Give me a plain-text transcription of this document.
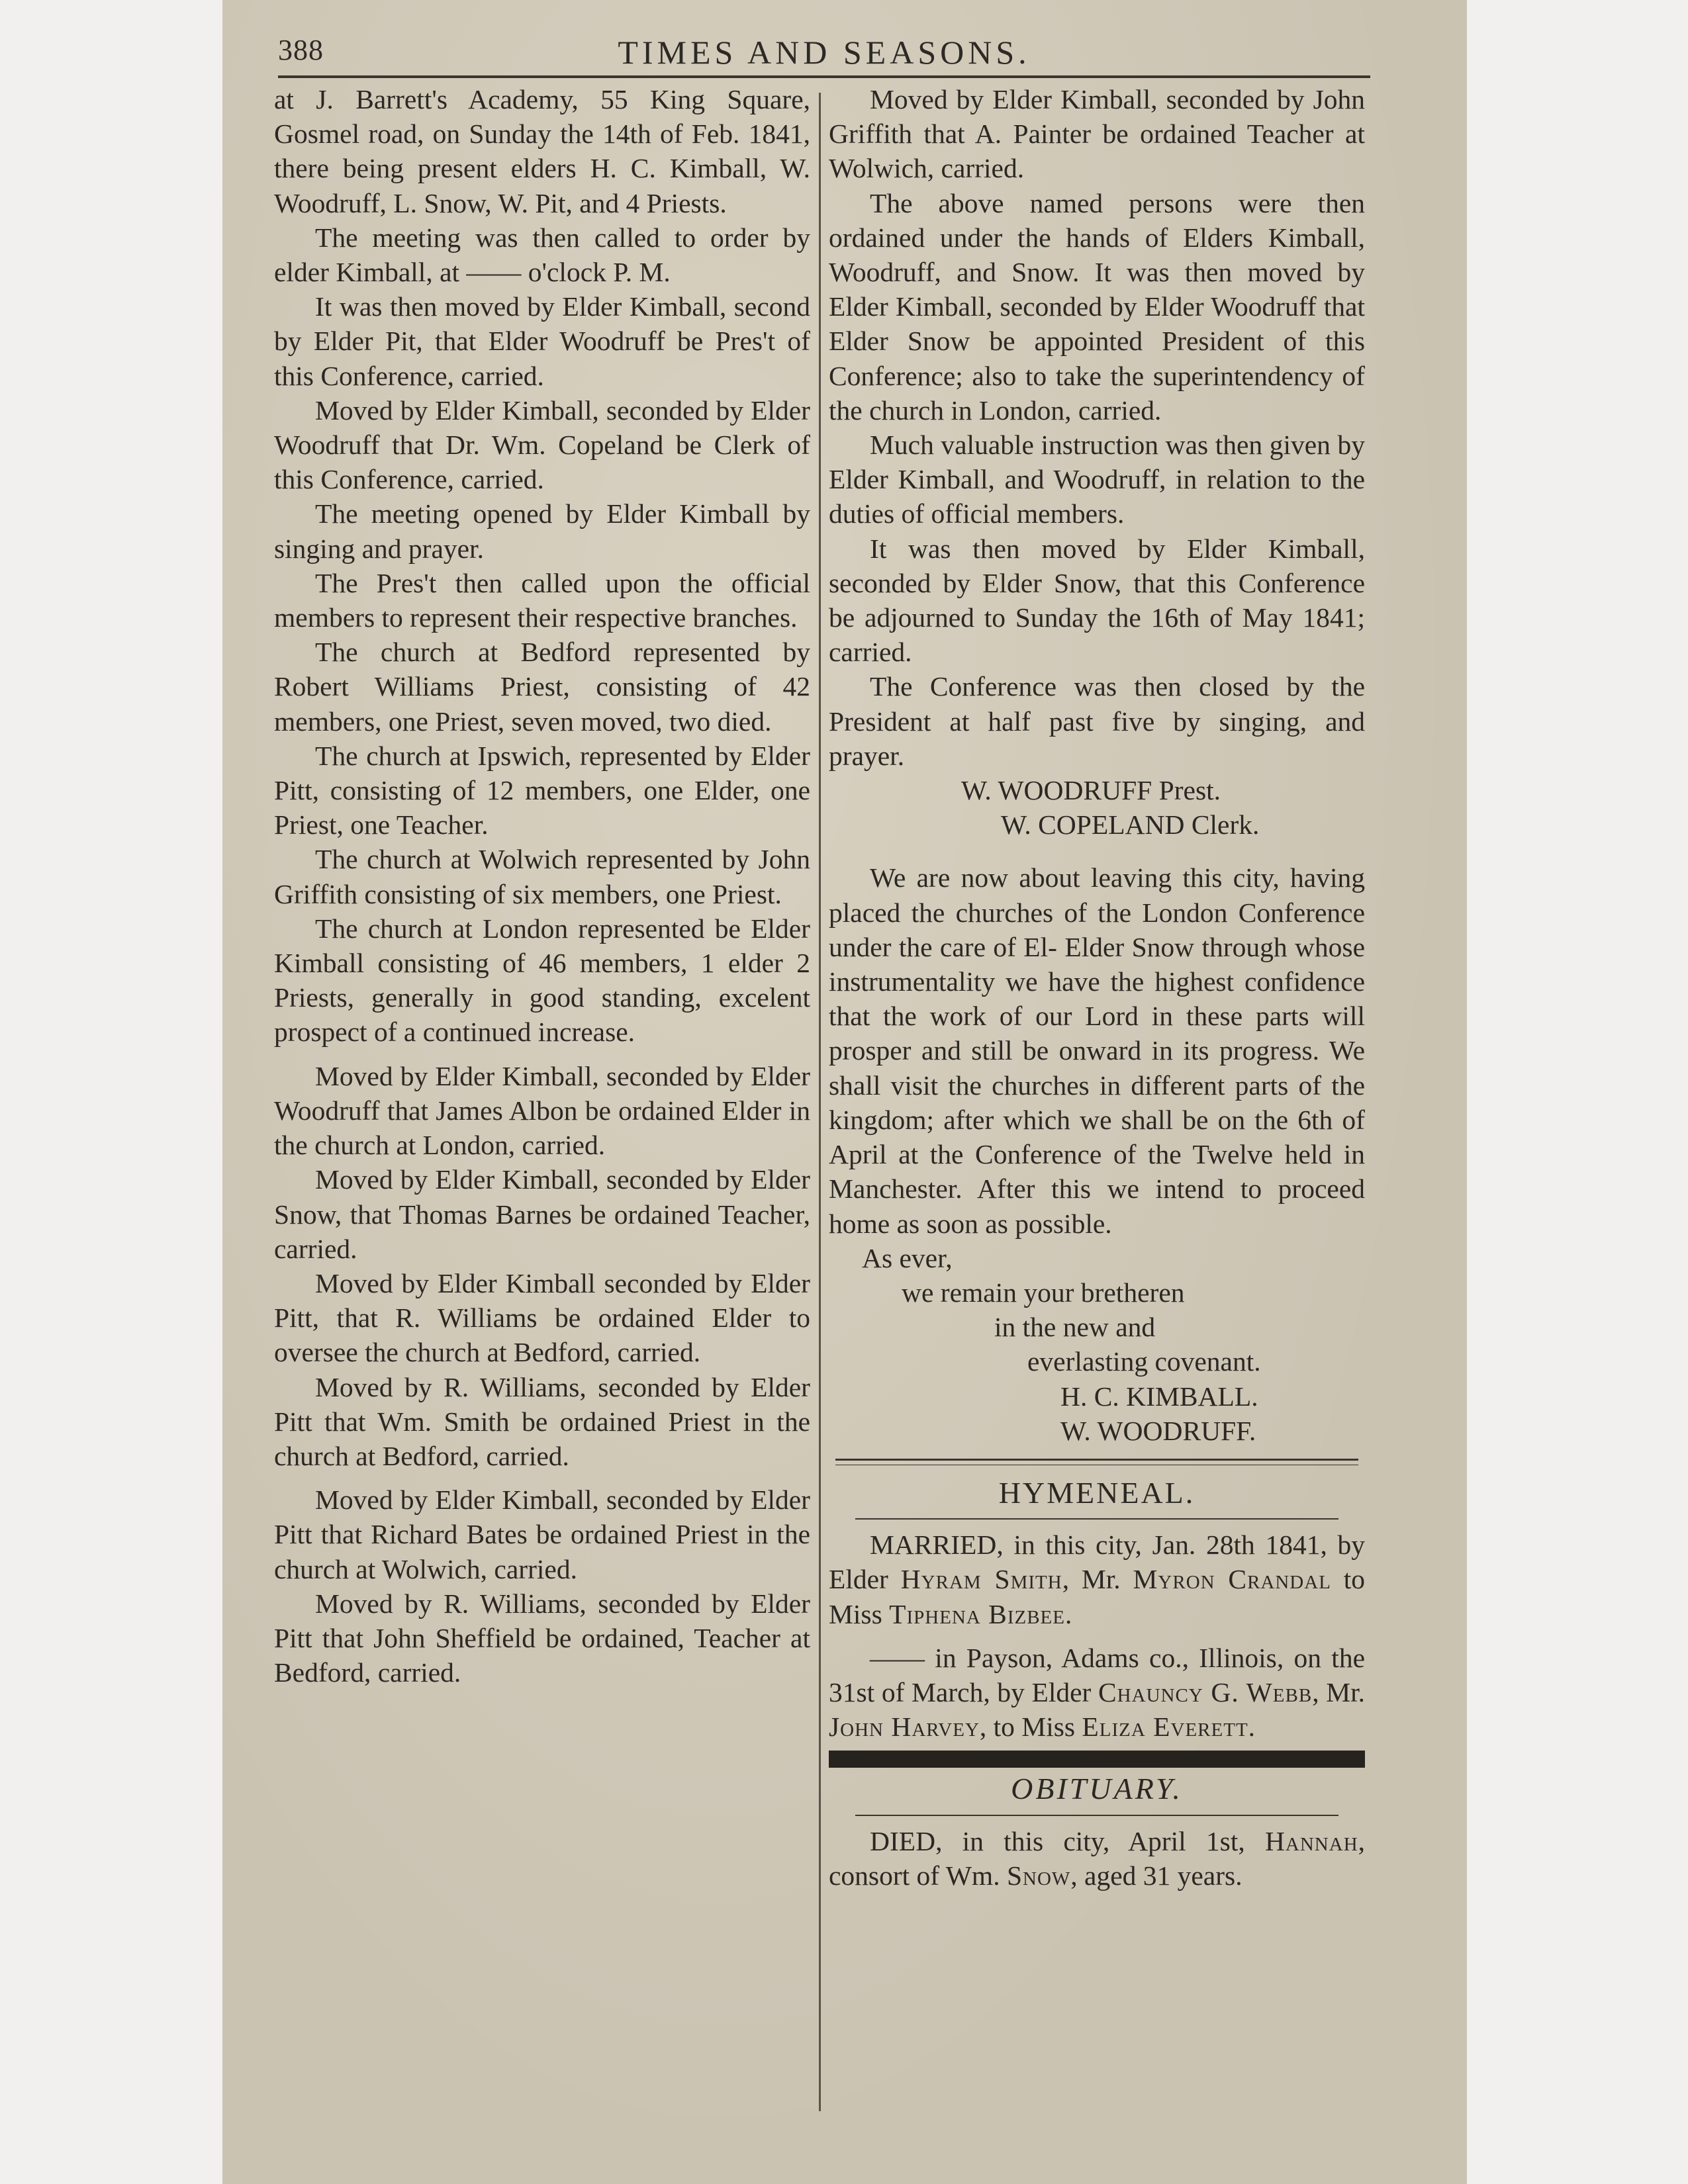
388	TIMES AND SEASONS.

at J. Barrett's Academy, 55 King Square, Gosmel road, on Sunday the 14th of Feb. 1841, there being present elders H. C. Kimball, W. Woodruff, L. Snow, W. Pit, and 4 Priests.

The meeting was then called to order by elder Kimball, at —— o'clock P. M.

It was then moved by Elder Kimball, second by Elder Pit, that Elder Woodruff be Pres't of this Conference, carried.

Moved by Elder Kimball, seconded by Elder Woodruff that Dr. Wm. Copeland be Clerk of this Conference, carried.

The meeting opened by Elder Kimball by singing and prayer.

The Pres't then called upon the official members to represent their respective branches.

The church at Bedford represented by Robert Williams Priest, consisting of 42 members, one Priest, seven moved, two died.

The church at Ipswich, represented by Elder Pitt, consisting of 12 members, one Elder, one Priest, one Teacher.

The church at Wolwich represented by John Griffith consisting of six members, one Priest.

The church at London represented be Elder Kimball consisting of 46 members, 1 elder 2 Priests, generally in good standing, excelent prospect of a continued increase.

Moved by Elder Kimball, seconded by Elder Woodruff that James Albon be ordained Elder in the church at London, carried.

Moved by Elder Kimball, seconded by Elder Snow, that Thomas Barnes be ordained Teacher, carried.

Moved by Elder Kimball seconded by Elder Pitt, that R. Williams be ordained Elder to oversee the church at Bedford, carried.

Moved by R. Williams, seconded by Elder Pitt that Wm. Smith be ordained Priest in the church at Bedford, carried.

Moved by Elder Kimball, seconded by Elder Pitt that Richard Bates be ordained Priest in the church at Wolwich, carried.

Moved by R. Williams, seconded by Elder Pitt that John Sheffield be ordained, Teacher at Bedford, carried.

Moved by Elder Kimball, seconded by John Griffith that A. Painter be ordained Teacher at Wolwich, carried.

The above named persons were then ordained under the hands of Elders Kimball, Woodruff, and Snow. It was then moved by Elder Kimball, seconded by Elder Woodruff that Elder Snow be appointed President of this Conference; also to take the superintendency of the church in London, carried.

Much valuable instruction was then given by Elder Kimball, and Woodruff, in relation to the duties of official members.

It was then moved by Elder Kimball, seconded by Elder Snow, that this Conference be adjourned to Sunday the 16th of May 1841; carried.

The Conference was then closed by the President at half past five by singing, and prayer.

W. WOODRUFF Prest.

W. COPELAND Clerk.

We are now about leaving this city, having placed the churches of the London Conference under the care of El- Elder Snow through whose instrumentality we have the highest confidence that the work of our Lord in these parts will prosper and still be onward in its progress. We shall visit the churches in different parts of the kingdom; after which we shall be on the 6th of April at the Conference of the Twelve held in Manchester. After this we intend to proceed home as soon as possible.

As ever,

we remain your bretheren

in the new and

everlasting covenant.

H. C. KIMBALL.

W. WOODRUFF.

HYMENEAL.

MARRIED, in this city, Jan. 28th 1841, by Elder Hyram Smith, Mr. Myron Crandal to Miss Tiphena Bizbee.

—— in Payson, Adams co., Illinois, on the 31st of March, by Elder Chauncy G. Webb, Mr. John Harvey, to Miss Eliza Everett.

OBITUARY.

DIED, in this city, April 1st, Hannah, consort of Wm. Snow, aged 31 years.
